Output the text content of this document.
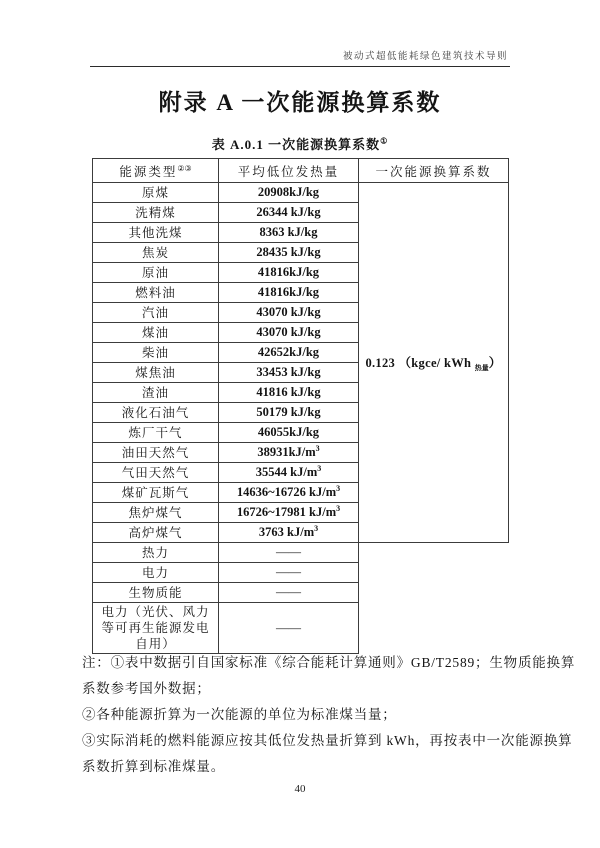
被动式超低能耗绿色建筑技术导则
附录 A 一次能源换算系数
表 A.0.1 一次能源换算系数①
能源类型②③	平均低位发热量	一次能源换算系数
原煤	20908kJ/kg	0.123 （kgce/ kWh $_{热量}$）
洗精煤	26344 kJ/kg	
其他洗煤	8363 kJ/kg	
焦炭	28435 kJ/kg	
原油	41816kJ/kg	
燃料油	41816kJ/kg	
汽油	43070 kJ/kg	
煤油	43070 kJ/kg	
柴油	42652kJ/kg	
煤焦油	33453 kJ/kg	
渣油	41816 kJ/kg	
液化石油气	50179 kJ/kg	
炼厂干气	46055kJ/kg	
油田天然气	$38931kJ/m^3$
气田天然气	35544 $kJ/m^3$
煤矿瓦斯气	14636~16726 $kJ/m^3$
焦炉煤气	16726~17981 $kJ/m^3$
高炉煤气	3763 $kJ/m^3$
热力	——	
电力	——	
生物质能	——	
电力（光伏、风力等可再生能源发电自用）	——	
注：①表中数据引自国家标准《综合能耗计算通则》GB/T2589；生物质能换算
系数参考国外数据；
②各种能源折算为一次能源的单位为标准煤当量；
③实际消耗的燃料能源应按其低位发热量折算到 kWh，再按表中一次能源换算
系数折算到标准煤量。
40
